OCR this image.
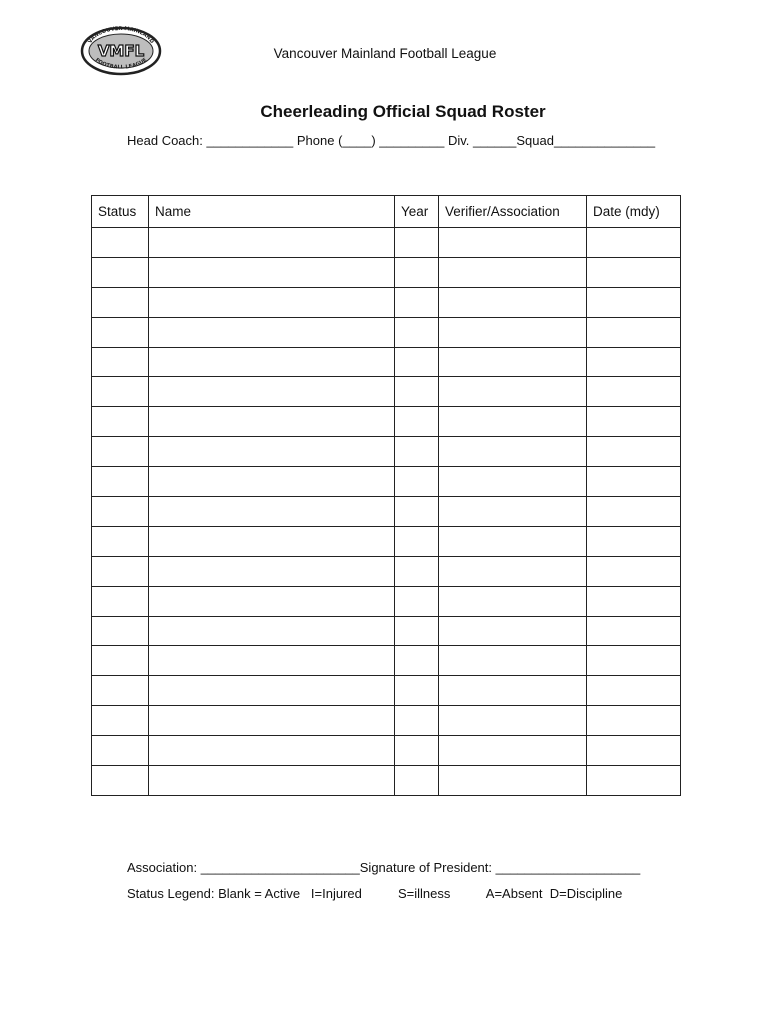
VANCOUVER MAINLAND
FOOTBALL LEAGUE
VMFL	Vancouver Mainland Football League
Cheerleading Official Squad Roster
Head Coach: ____________ Phone (____) _________ Div. ______Squad______________
Status	Name	Year	Verifier/Association	Date (mdy)

Association: ______________________Signature of President: ____________________
Status Legend: Blank = Active   I=Injured          S=illness          A=Absent  D=Discipline
